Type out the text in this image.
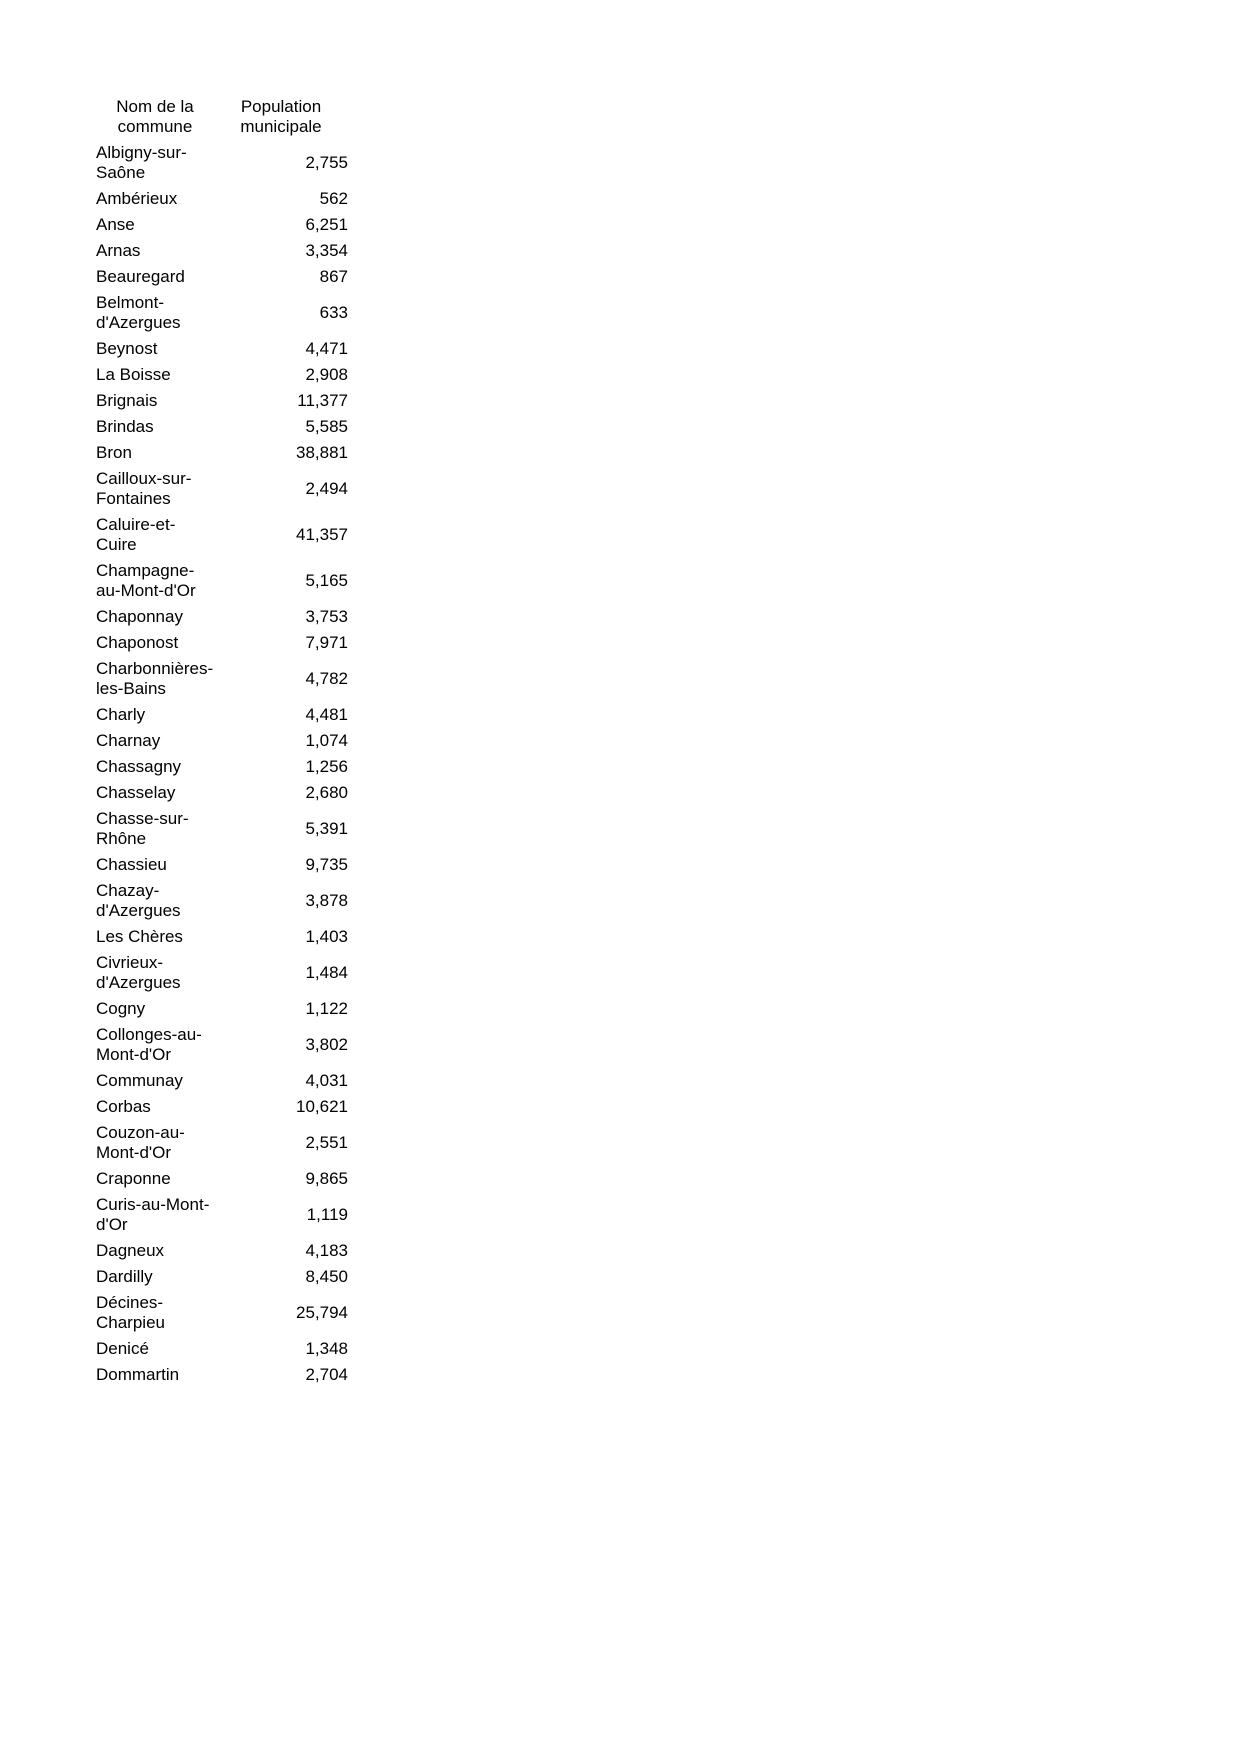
Nom de la commune	Population municipale
Albigny-sur-Saône	2,755
Ambérieux	562
Anse	6,251
Arnas	3,354
Beauregard	867
Belmont-d'Azergues	633
Beynost	4,471
La Boisse	2,908
Brignais	11,377
Brindas	5,585
Bron	38,881
Cailloux-sur-Fontaines	2,494
Caluire-et-Cuire	41,357
Champagne-au-Mont-d'Or	5,165
Chaponnay	3,753
Chaponost	7,971
Charbonnières-les-Bains	4,782
Charly	4,481
Charnay	1,074
Chassagny	1,256
Chasselay	2,680
Chasse-sur-Rhône	5,391
Chassieu	9,735
Chazay-d'Azergues	3,878
Les Chères	1,403
Civrieux-d'Azergues	1,484
Cogny	1,122
Collonges-au-Mont-d'Or	3,802
Communay	4,031
Corbas	10,621
Couzon-au-Mont-d'Or	2,551
Craponne	9,865
Curis-au-Mont-d'Or	1,119
Dagneux	4,183
Dardilly	8,450
Décines-Charpieu	25,794
Denicé	1,348
Dommartin	2,704
